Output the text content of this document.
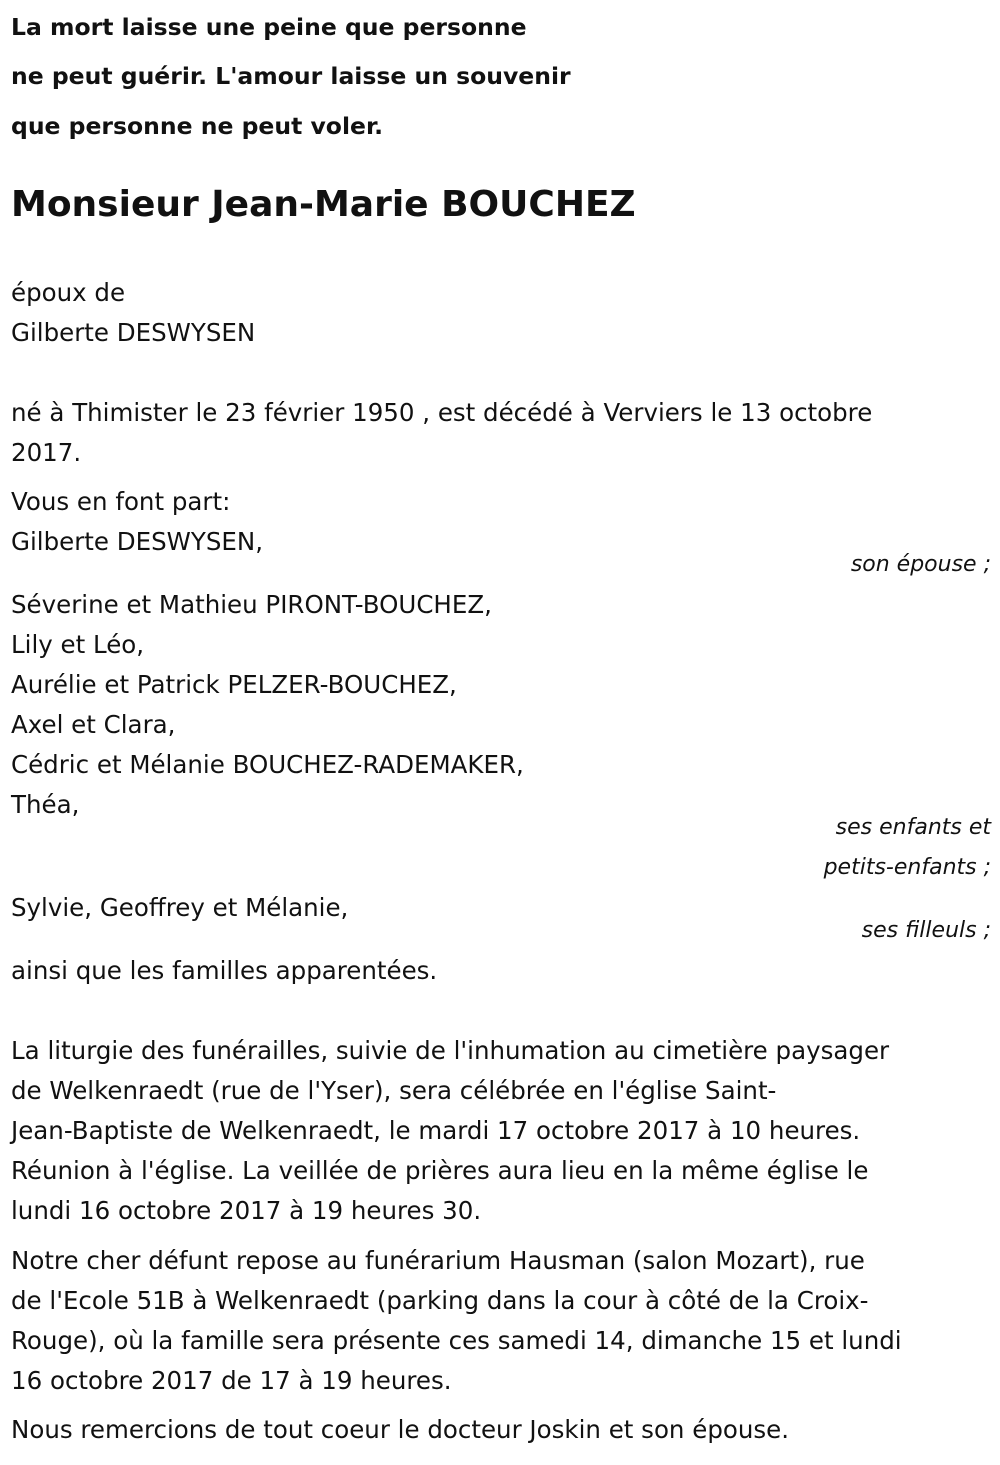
La mort laisse une peine que personne
ne peut guérir. L'amour laisse un souvenir
que personne ne peut voler.
Monsieur Jean-Marie BOUCHEZ
époux de
Gilberte DESWYSEN
né à Thimister le 23 février 1950 , est décédé à Verviers le 13 octobre
2017.
Vous en font part:
Gilberte DESWYSEN,
son épouse ;
Séverine et Mathieu PIRONT-BOUCHEZ,
Lily et Léo,
Aurélie et Patrick PELZER-BOUCHEZ,
Axel et Clara,
Cédric et Mélanie BOUCHEZ-RADEMAKER,
Théa,
ses enfants et
petits-enfants ;
Sylvie, Geoffrey et Mélanie,
ses filleuls ;
ainsi que les familles apparentées.
La liturgie des funérailles, suivie de l'inhumation au cimetière paysager
de Welkenraedt (rue de l'Yser), sera célébrée en l'église Saint-
Jean-Baptiste de Welkenraedt, le mardi 17 octobre 2017 à 10 heures.
Réunion à l'église. La veillée de prières aura lieu en la même église le
lundi 16 octobre 2017 à 19 heures 30.
Notre cher défunt repose au funérarium Hausman (salon Mozart), rue
de l'Ecole 51B à Welkenraedt (parking dans la cour à côté de la Croix-
Rouge), où la famille sera présente ces samedi 14, dimanche 15 et lundi
16 octobre 2017 de 17 à 19 heures.
Nous remercions de tout coeur le docteur Joskin et son épouse.
